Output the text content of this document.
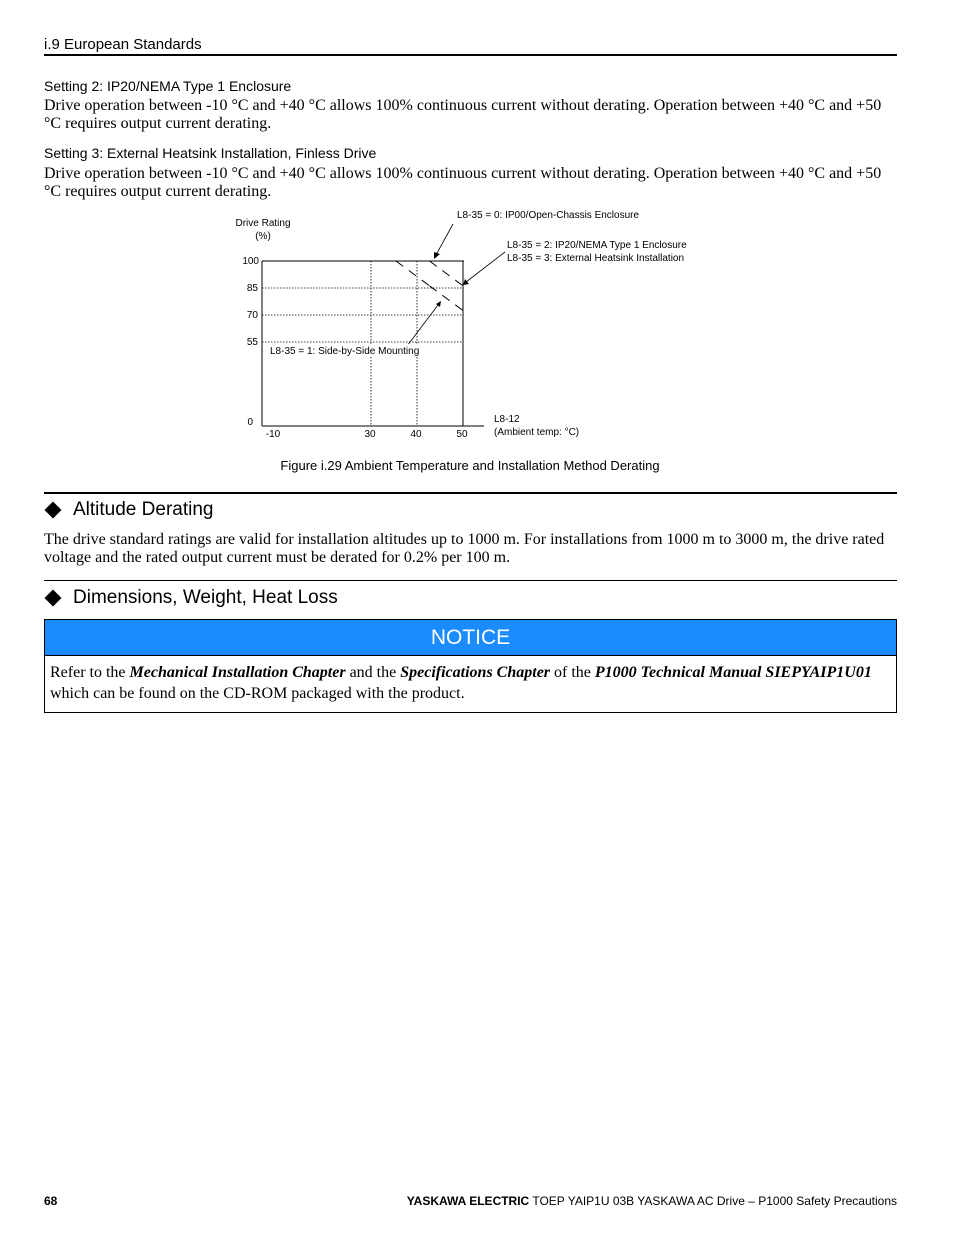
i.9 European Standards
Setting 2: IP20/NEMA Type 1 Enclosure
Drive operation between -10 °C and +40 °C allows 100% continuous current without derating. Operation between +40 °C and +50 °C requires output current derating.
Setting 3: External Heatsink Installation, Finless Drive
Drive operation between -10 °C and +40 °C allows 100% continuous current without derating. Operation between +40 °C and +50 °C requires output current derating.
Drive Rating
(%)
100
85
70
55
0
-10	30	40	50
L8-12
(Ambient temp: °C)
L8-35 = 0: IP00/Open-Chassis Enclosure
L8-35 = 2: IP20/NEMA Type 1 Enclosure
L8-35 = 3: External Heatsink Installation
L8-35 = 1: Side-by-Side Mounting
Figure i.29 Ambient Temperature and Installation Method Derating
Altitude Derating
The drive standard ratings are valid for installation altitudes up to 1000 m. For installations from 1000 m to 3000 m, the drive rated voltage and the rated output current must be derated for 0.2% per 100 m.
Dimensions, Weight, Heat Loss
NOTICE
Refer to the Mechanical Installation Chapter and the Specifications Chapter of the P1000 Technical Manual SIEPYAIP1U01 which can be found on the CD-ROM packaged with the product.
68	YASKAWA ELECTRIC TOEP YAIP1U 03B YASKAWA AC Drive – P1000 Safety Precautions
